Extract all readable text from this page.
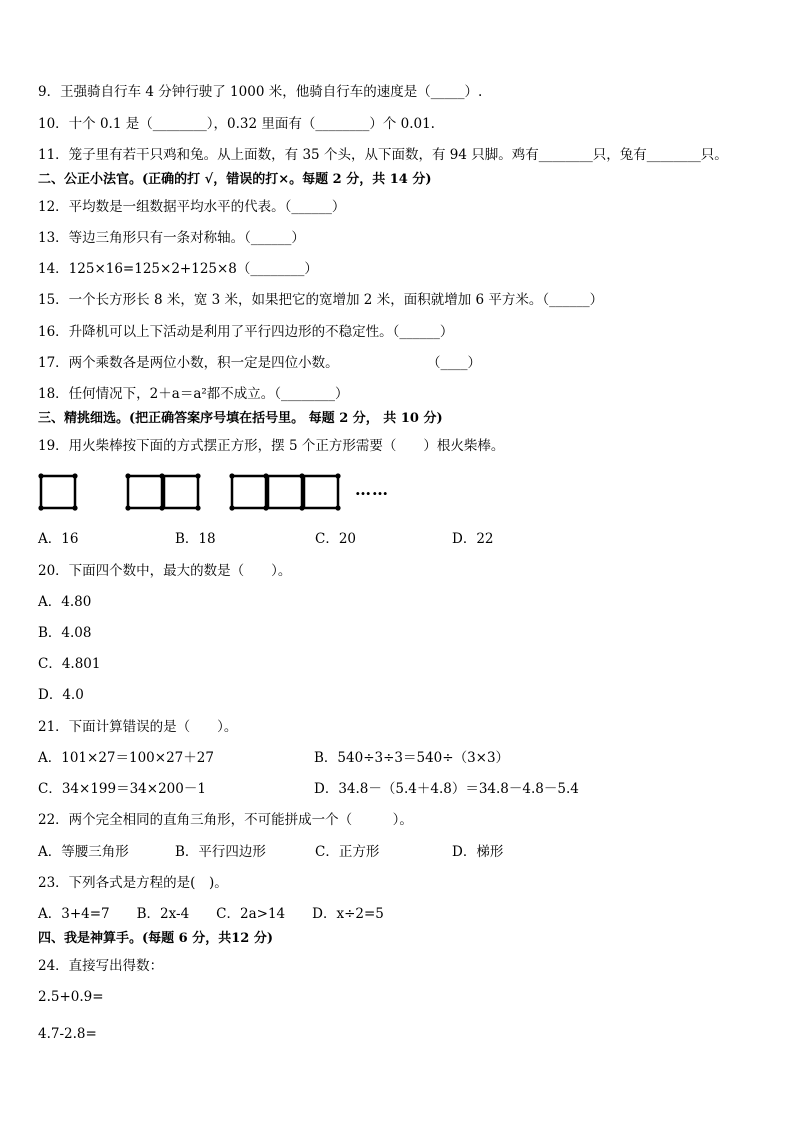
9．王强骑自行车 4 分钟行驶了 1000 米，他骑自行车的速度是（_____）.
10．十个 0.1 是（________），0.32 里面有（________）个 0.01.
11．笼子里有若干只鸡和兔。从上面数，有 35 个头，从下面数，有 94 只脚。鸡有________只，兔有________只。
二、公正小法官。(正确的打 √，错误的打×。每题 2 分，共 14 分)
12．平均数是一组数据平均水平的代表。（______）
13．等边三角形只有一条对称轴。（______）
14．125×16=125×2+125×8（________）
15．一个长方形长 8 米，宽 3 米，如果把它的宽增加 2 米，面积就增加 6 平方米。（______）
16．升降机可以上下活动是利用了平行四边形的不稳定性。（______）
17．两个乘数各是两位小数，积一定是四位小数。	（____）
18．任何情况下，2＋a＝a²都不成立。（________）
三、精挑细选。(把正确答案序号填在括号里。 每题 2 分， 共 10 分)
19．用火柴棒按下面的方式摆正方形，摆 5 个正方形需要（　　）根火柴棒。
……
A．16	B．18	C．20	D．22
20．下面四个数中，最大的数是（　　）。
A．4.80
B．4.08
C．4.801
D．4.0
21．下面计算错误的是（　　）。
A．101×27＝100×27＋27	B．540÷3÷3＝540÷（3×3）
C．34×199＝34×200－1	D．34.8－（5.4＋4.8）＝34.8－4.8－5.4
22．两个完全相同的直角三角形，不可能拼成一个（　　　）。
A．等腰三角形	B．平行四边形	C．正方形	D．梯形
23．下列各式是方程的是(　)。
A．3+4=7　　B．2x-4　　C．2a>14　　D．x÷2=5
四、我是神算手。(每题 6 分，共12 分)
24．直接写出得数：
2.5+0.9=
4.7-2.8=
